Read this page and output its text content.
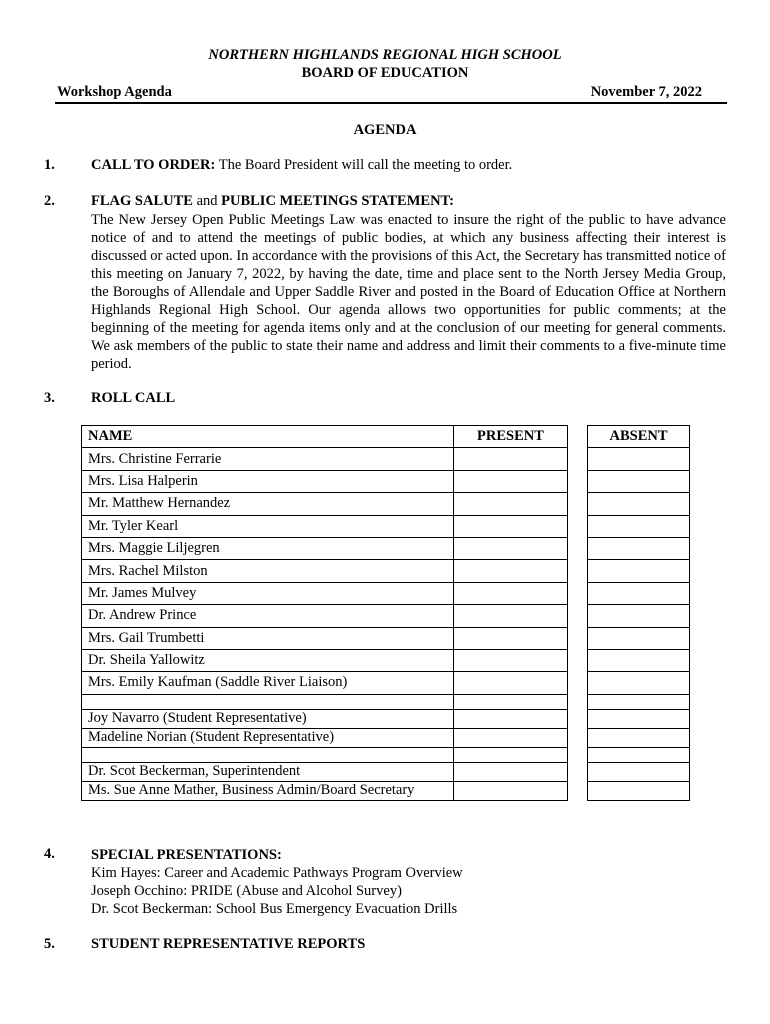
NORTHERN HIGHLANDS REGIONAL HIGH SCHOOL
BOARD OF EDUCATION
Workshop Agenda	November 7, 2022
AGENDA
1. CALL TO ORDER: The Board President will call the meeting to order.
2. FLAG SALUTE and PUBLIC MEETINGS STATEMENT:
The New Jersey Open Public Meetings Law was enacted to insure the right of the public to have advance notice of and to attend the meetings of public bodies, at which any business affecting their interest is discussed or acted upon. In accordance with the provisions of this Act, the Secretary has transmitted notice of this meeting on January 7, 2022, by having the date, time and place sent to the North Jersey Media Group, the Boroughs of Allendale and Upper Saddle River and posted in the Board of Education Office at Northern Highlands Regional High School. Our agenda allows two opportunities for public comments; at the beginning of the meeting for agenda items only and at the conclusion of our meeting for general comments. We ask members of the public to state their name and address and limit their comments to a five-minute time period.
3. ROLL CALL
NAME	PRESENT		ABSENT
Mrs. Christine Ferrarie			
Mrs. Lisa Halperin			
Mr. Matthew Hernandez			
Mr. Tyler Kearl			
Mrs. Maggie Liljegren			
Mrs. Rachel Milston			
Mr. James Mulvey			
Dr. Andrew Prince			
Mrs. Gail Trumbetti			
Dr. Sheila Yallowitz			
Mrs. Emily Kaufman (Saddle River Liaison)			

Joy Navarro (Student Representative)			
Madeline Norian (Student Representative)			

Dr. Scot Beckerman, Superintendent			
Ms. Sue Anne Mather, Business Admin/Board Secretary			
4. SPECIAL PRESENTATIONS:
Kim Hayes: Career and Academic Pathways Program Overview
Joseph Occhino: PRIDE (Abuse and Alcohol Survey)
Dr. Scot Beckerman: School Bus Emergency Evacuation Drills
5. STUDENT REPRESENTATIVE REPORTS
